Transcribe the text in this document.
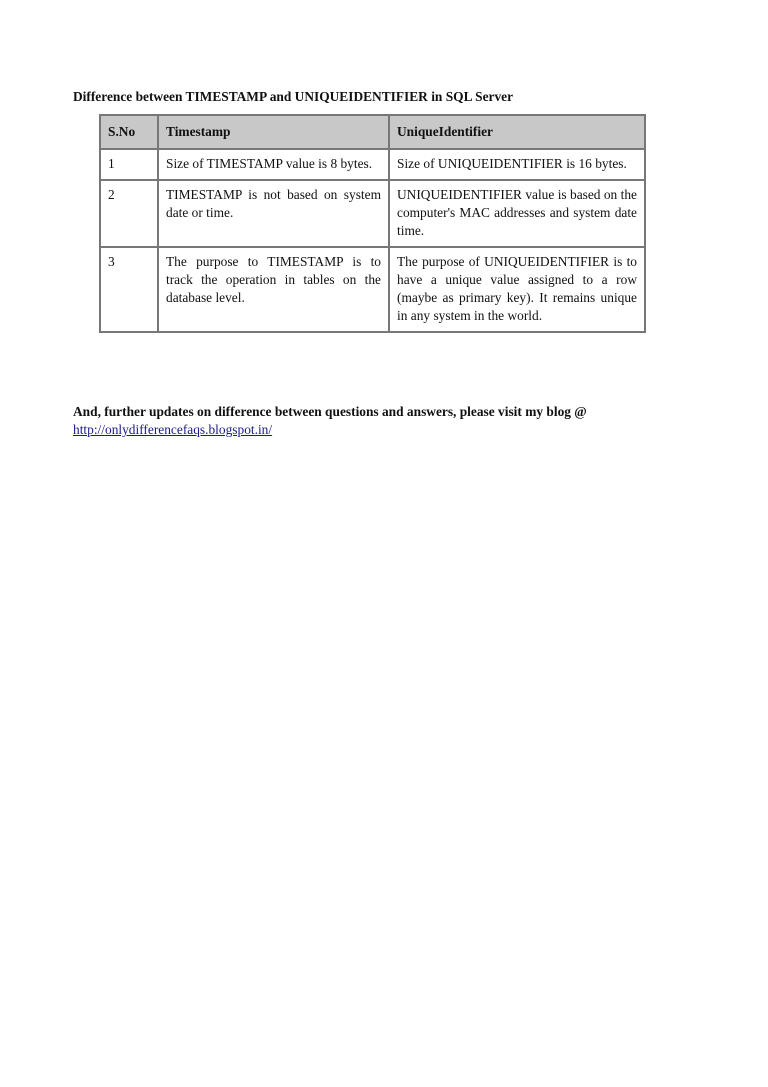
Difference between TIMESTAMP and UNIQUEIDENTIFIER in SQL Server
S.No	Timestamp	UniqueIdentifier
1	Size of TIMESTAMP value is 8 bytes.	Size of UNIQUEIDENTIFIER is 16 bytes.
2	TIMESTAMP is not based on system date or time.	UNIQUEIDENTIFIER value is based on the computer's MAC addresses and system date time.
3	The purpose to TIMESTAMP is to track the operation in tables on the database level.	The purpose of UNIQUEIDENTIFIER is to have a unique value assigned to a row (maybe as primary key). It remains unique in any system in the world.
And, further updates on difference between questions and answers, please visit my blog @
http://onlydifferencefaqs.blogspot.in/
